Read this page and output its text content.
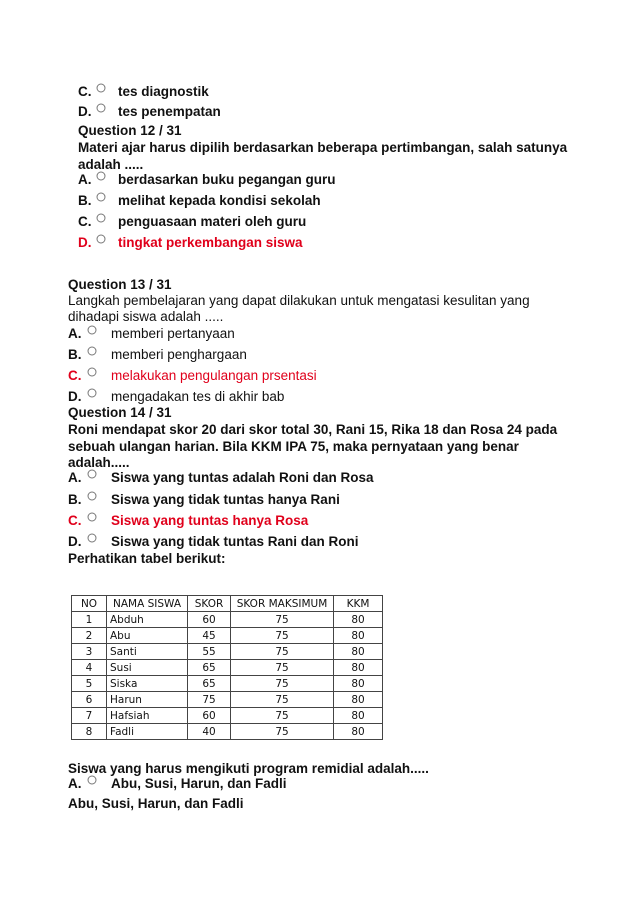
C. tes diagnostik
D. tes penempatan
Question 12 / 31
Materi ajar harus dipilih berdasarkan beberapa pertimbangan, salah satunya
adalah .....
A. berdasarkan buku pegangan guru
B. melihat kepada kondisi sekolah
C. penguasaan materi oleh guru
D. tingkat perkembangan siswa
Question 13 / 31
Langkah pembelajaran yang dapat dilakukan untuk mengatasi kesulitan yang
dihadapi siswa adalah .....
A. memberi pertanyaan
B. memberi penghargaan
C. melakukan pengulangan prsentasi
D. mengadakan tes di akhir bab
Question 14 / 31
Roni mendapat skor 20 dari skor total 30, Rani 15, Rika 18 dan Rosa 24 pada
sebuah ulangan harian. Bila KKM IPA 75, maka pernyataan yang benar
adalah.....
A. Siswa yang tuntas adalah Roni dan Rosa
B. Siswa yang tidak tuntas hanya Rani
C. Siswa yang tuntas hanya Rosa
D. Siswa yang tidak tuntas Rani dan Roni
Perhatikan tabel berikut:
NO	NAMA SISWA	SKOR	SKOR MAKSIMUM	KKM
1	Abduh	60	75	80
2	Abu	45	75	80
3	Santi	55	75	80
4	Susi	65	75	80
5	Siska	65	75	80
6	Harun	75	75	80
7	Hafsiah	60	75	80
8	Fadli	40	75	80
Siswa yang harus mengikuti program remidial adalah.....
A. Abu, Susi, Harun, dan Fadli
Abu, Susi, Harun, dan Fadli
